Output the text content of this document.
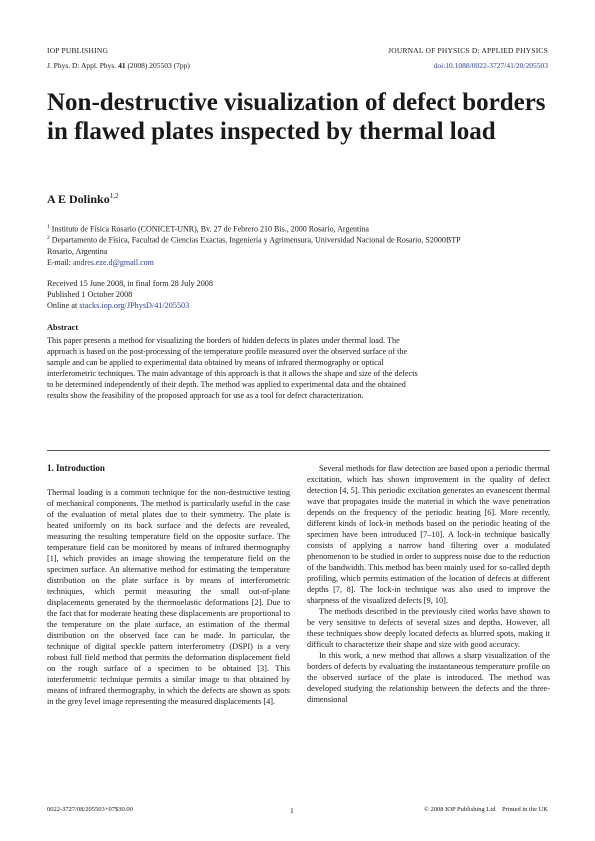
IOP PUBLISHING	JOURNAL OF PHYSICS D: APPLIED PHYSICS
J. Phys. D: Appl. Phys. 41 (2008) 205503 (7pp)	doi:10.1088/0022-3727/41/20/205503
Non-destructive visualization of defect borders in flawed plates inspected by thermal load
A E Dolinko$^{1,2}$
$^1$ Instituto de Física Rosario (CONICET-UNR), Bv. 27 de Febrero 210 Bis., 2000 Rosario, Argentina
$^2$ Departamento de Física, Facultad de Ciencias Exactas, Ingeniería y Agrimensura, Universidad Nacional de Rosario, S2000BTP Rosario, Argentina
E-mail: andres.eze.d@gmail.com
Received 15 June 2008, in final form 28 July 2008
Published 1 October 2008
Online at stacks.iop.org/JPhysD/41/205503
Abstract
This paper presents a method for visualizing the borders of hidden defects in plates under thermal load. The approach is based on the post-processing of the temperature profile measured over the observed surface of the sample and can be applied to experimental data obtained by means of infrared thermography or optical interferometric techniques. The main advantage of this approach is that it allows the shape and size of the defects to be determined independently of their depth. The method was applied to experimental data and the obtained results show the feasibility of the proposed approach for use as a tool for defect characterization.
1. Introduction

Thermal loading is a common technique for the non-destructive testing of mechanical components. The method is particularly useful in the case of the evaluation of metal plates due to their symmetry. The plate is heated uniformly on its back surface and the defects are revealed, measuring the resulting temperature field on the opposite surface. The temperature field can be monitored by means of infrared thermography [1], which provides an image showing the temperature field on the specimen surface. An alternative method for estimating the temperature distribution on the plate surface is by means of interferometric techniques, which permit measuring the small out-of-plane displacements generated by the thermoelastic deformations [2]. Due to the fact that for moderate heating these displacements are proportional to the temperature on the plate surface, an estimation of the thermal distribution on the observed face can be made. In particular, the technique of digital speckle pattern interferometry (DSPI) is a very robust full field method that permits the deformation displacement field on the rough surface of a specimen to be obtained [3]. This interferometric technique permits a similar image to that obtained by means of infrared thermography, in which the defects are shown as spots in the grey level image representing the measured displacements [4].

Several methods for flaw detection are based upon a periodic thermal excitation, which has shown improvement in the quality of defect detection [4, 5]. This periodic excitation generates an evanescent thermal wave that propagates inside the material in which the wave penetration depends on the frequency of the periodic heating [6]. More recently, different kinds of lock-in methods based on the periodic heating of the specimen have been introduced [7–10]. A lock-in technique basically consists of applying a narrow band filtering over a modulated phenomenon to be studied in order to suppress noise due to the reduction of the bandwidth. This method has been mainly used for so-called depth profiling, which permits estimation of the location of defects at different depths [7, 8]. The lock-in technique was also used to improve the sharpness of the visualized defects [9, 10].

The methods described in the previously cited works have shown to be very sensitive to defects of several sizes and depths. However, all these techniques show deeply located defects as blurred spots, making it difficult to characterize their shape and size with good accuracy.

In this work, a new method that allows a sharp visualization of the borders of defects by evaluating the instantaneous temperature profile on the observed surface of the plate is introduced. The method was developed studying the relationship between the defects and the three-dimensional

0022-3727/08/205503+07$30.00	1	© 2008 IOP Publishing Ltd    Printed in the UK
